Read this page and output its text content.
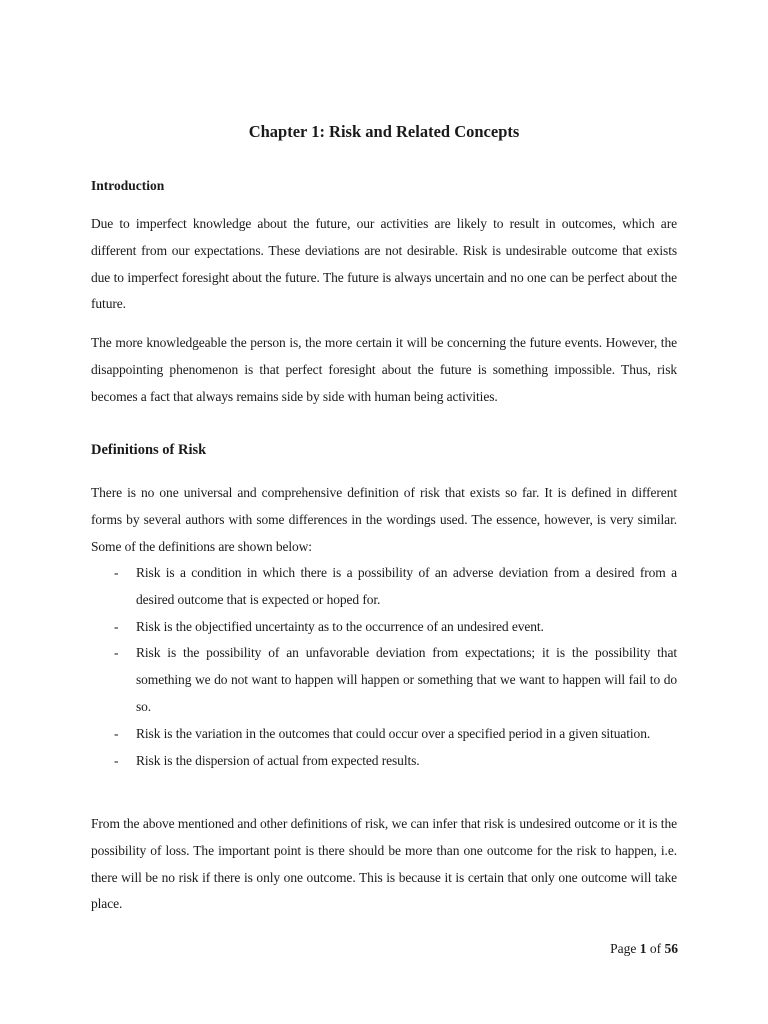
Chapter 1: Risk and Related Concepts
Introduction

Due to imperfect knowledge about the future, our activities are likely to result in outcomes, which are different from our expectations. These deviations are not desirable. Risk is undesirable outcome that exists due to imperfect foresight about the future. The future is always uncertain and no one can be perfect about the future.

The more knowledgeable the person is, the more certain it will be concerning the future events. However, the disappointing phenomenon is that perfect foresight about the future is something impossible. Thus, risk becomes a fact that always remains side by side with human being activities.

Definitions of Risk

There is no one universal and comprehensive definition of risk that exists so far. It is defined in different forms by several authors with some differences in the wordings used. The essence, however, is very similar. Some of the definitions are shown below:

- Risk is a condition in which there is a possibility of an adverse deviation from a desired from a desired outcome that is expected or hoped for.
- Risk is the objectified uncertainty as to the occurrence of an undesired event.
- Risk is the possibility of an unfavorable deviation from expectations; it is the possibility that something we do not want to happen will happen or something that we want to happen will fail to do so.
- Risk is the variation in the outcomes that could occur over a specified period in a given situation.
- Risk is the dispersion of actual from expected results.

From the above mentioned and other definitions of risk, we can infer that risk is undesired outcome or it is the possibility of loss. The important point is there should be more than one outcome for the risk to happen, i.e. there will be no risk if there is only one outcome. This is because it is certain that only one outcome will take place.

Page 1 of 56
